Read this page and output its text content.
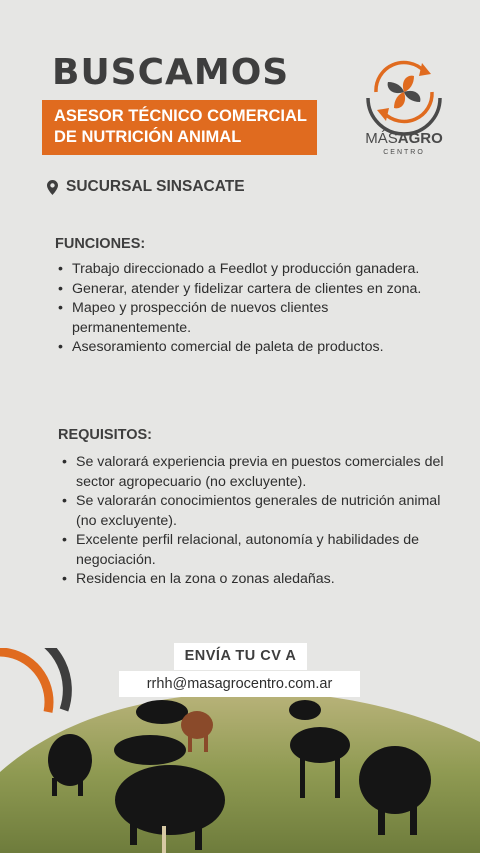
BUSCAMOS
ASESOR TÉCNICO COMERCIAL
DE NUTRICIÓN ANIMAL	MÁSAGRO
CENTRO
SUCURSAL SINSACATE
FUNCIONES:
• Trabajo direccionado a Feedlot y producción ganadera.
• Generar, atender y fidelizar cartera de clientes en zona.
• Mapeo y prospección de nuevos clientes permanentemente.
• Asesoramiento comercial de paleta de productos.
REQUISITOS:
• Se valorará experiencia previa en puestos comerciales del sector agropecuario (no excluyente).
• Se valorarán conocimientos generales de nutrición animal (no excluyente).
• Excelente perfil relacional, autonomía y habilidades de negociación.
• Residencia en la zona o zonas aledañas.
ENVÍA TU CV A
rrhh@masagrocentro.com.ar
